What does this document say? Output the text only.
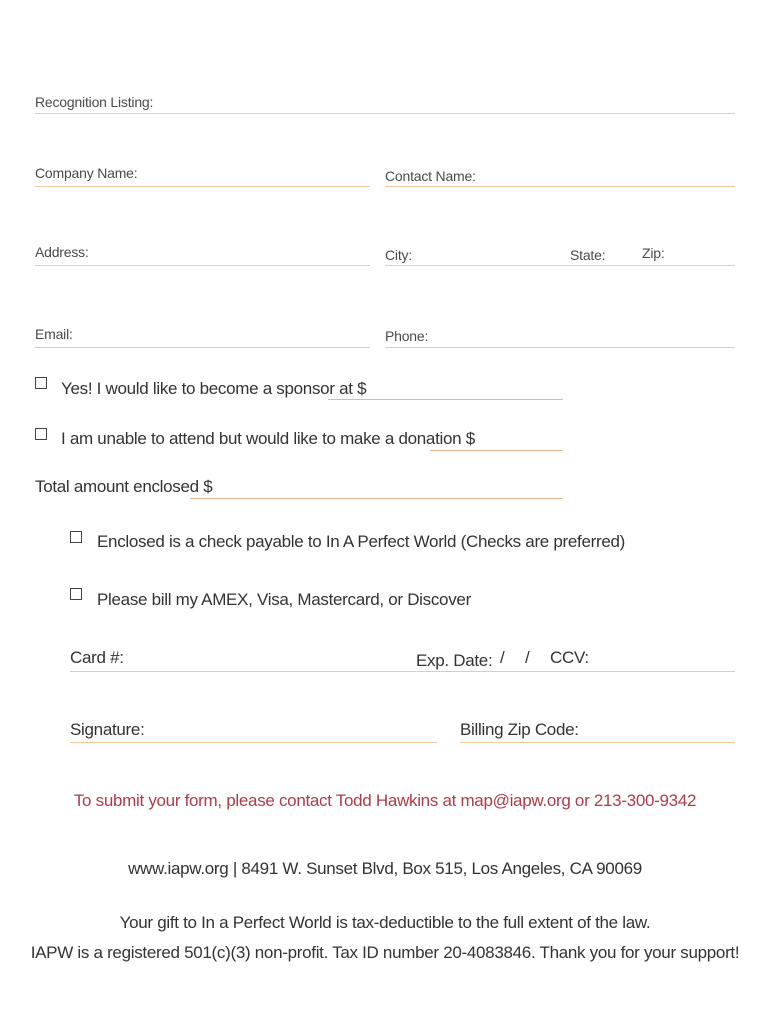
Recognition Listing:
Company Name:	Contact Name:
Address:	City:	State:	Zip:
Email:	Phone:
Yes! I would like to become a sponsor at $
I am unable to attend but would like to make a donation $
Total amount enclosed $
Enclosed is a check payable to In A Perfect World (Checks are preferred)
Please bill my AMEX, Visa, Mastercard, or Discover
Card #:	Exp. Date: / / CCV:
Signature:	Billing Zip Code:
To submit your form, please contact Todd Hawkins at map@iapw.org or 213-300-9342
www.iapw.org | 8491 W. Sunset Blvd, Box 515, Los Angeles, CA 90069
Your gift to In a Perfect World is tax-deductible to the full extent of the law.
IAPW is a registered 501(c)(3) non-profit. Tax ID number 20-4083846. Thank you for your support!
